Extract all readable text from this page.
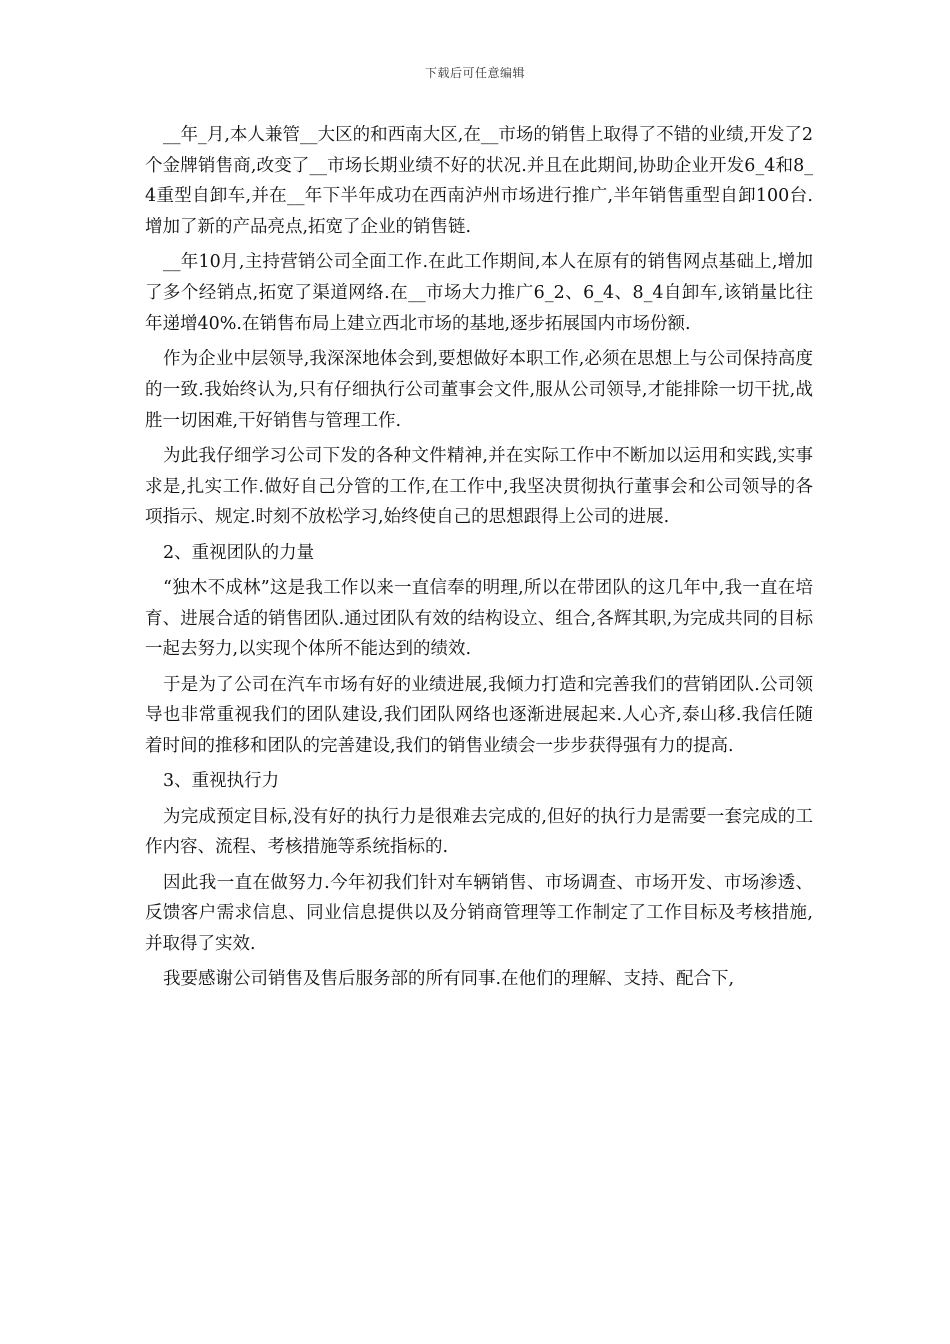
下载后可任意编辑

__年_月,本人兼管__大区的和西南大区,在__市场的销售上取得了不错的业绩,开发了2个金牌销售商,改变了__市场长期业绩不好的状况.并且在此期间,协助企业开发6_4和8_4重型自卸车,并在__年下半年成功在西南泸州市场进行推广,半年销售重型自卸100台.增加了新的产品亮点,拓宽了企业的销售链.

__年10月,主持营销公司全面工作.在此工作期间,本人在原有的销售网点基础上,增加了多个经销点,拓宽了渠道网络.在__市场大力推广6_2、6_4、8_4自卸车,该销量比往年递增40%.在销售布局上建立西北市场的基地,逐步拓展国内市场份额.

作为企业中层领导,我深深地体会到,要想做好本职工作,必须在思想上与公司保持高度的一致.我始终认为,只有仔细执行公司董事会文件,服从公司领导,才能排除一切干扰,战胜一切困难,干好销售与管理工作.

为此我仔细学习公司下发的各种文件精神,并在实际工作中不断加以运用和实践,实事求是,扎实工作.做好自己分管的工作,在工作中,我坚决贯彻执行董事会和公司领导的各项指示、规定.时刻不放松学习,始终使自己的思想跟得上公司的进展.

2、重视团队的力量

“独木不成林”这是我工作以来一直信奉的明理,所以在带团队的这几年中,我一直在培育、进展合适的销售团队.通过团队有效的结构设立、组合,各辉其职,为完成共同的目标一起去努力,以实现个体所不能达到的绩效.

于是为了公司在汽车市场有好的业绩进展,我倾力打造和完善我们的营销团队.公司领导也非常重视我们的团队建设,我们团队网络也逐渐进展起来.人心齐,泰山移.我信任随着时间的推移和团队的完善建设,我们的销售业绩会一步步获得强有力的提高.

3、重视执行力

为完成预定目标,没有好的执行力是很难去完成的,但好的执行力是需要一套完成的工作内容、流程、考核措施等系统指标的.

因此我一直在做努力.今年初我们针对车辆销售、市场调查、市场开发、市场渗透、反馈客户需求信息、同业信息提供以及分销商管理等工作制定了工作目标及考核措施,并取得了实效.

我要感谢公司销售及售后服务部的所有同事.在他们的理解、支持、配合下,
